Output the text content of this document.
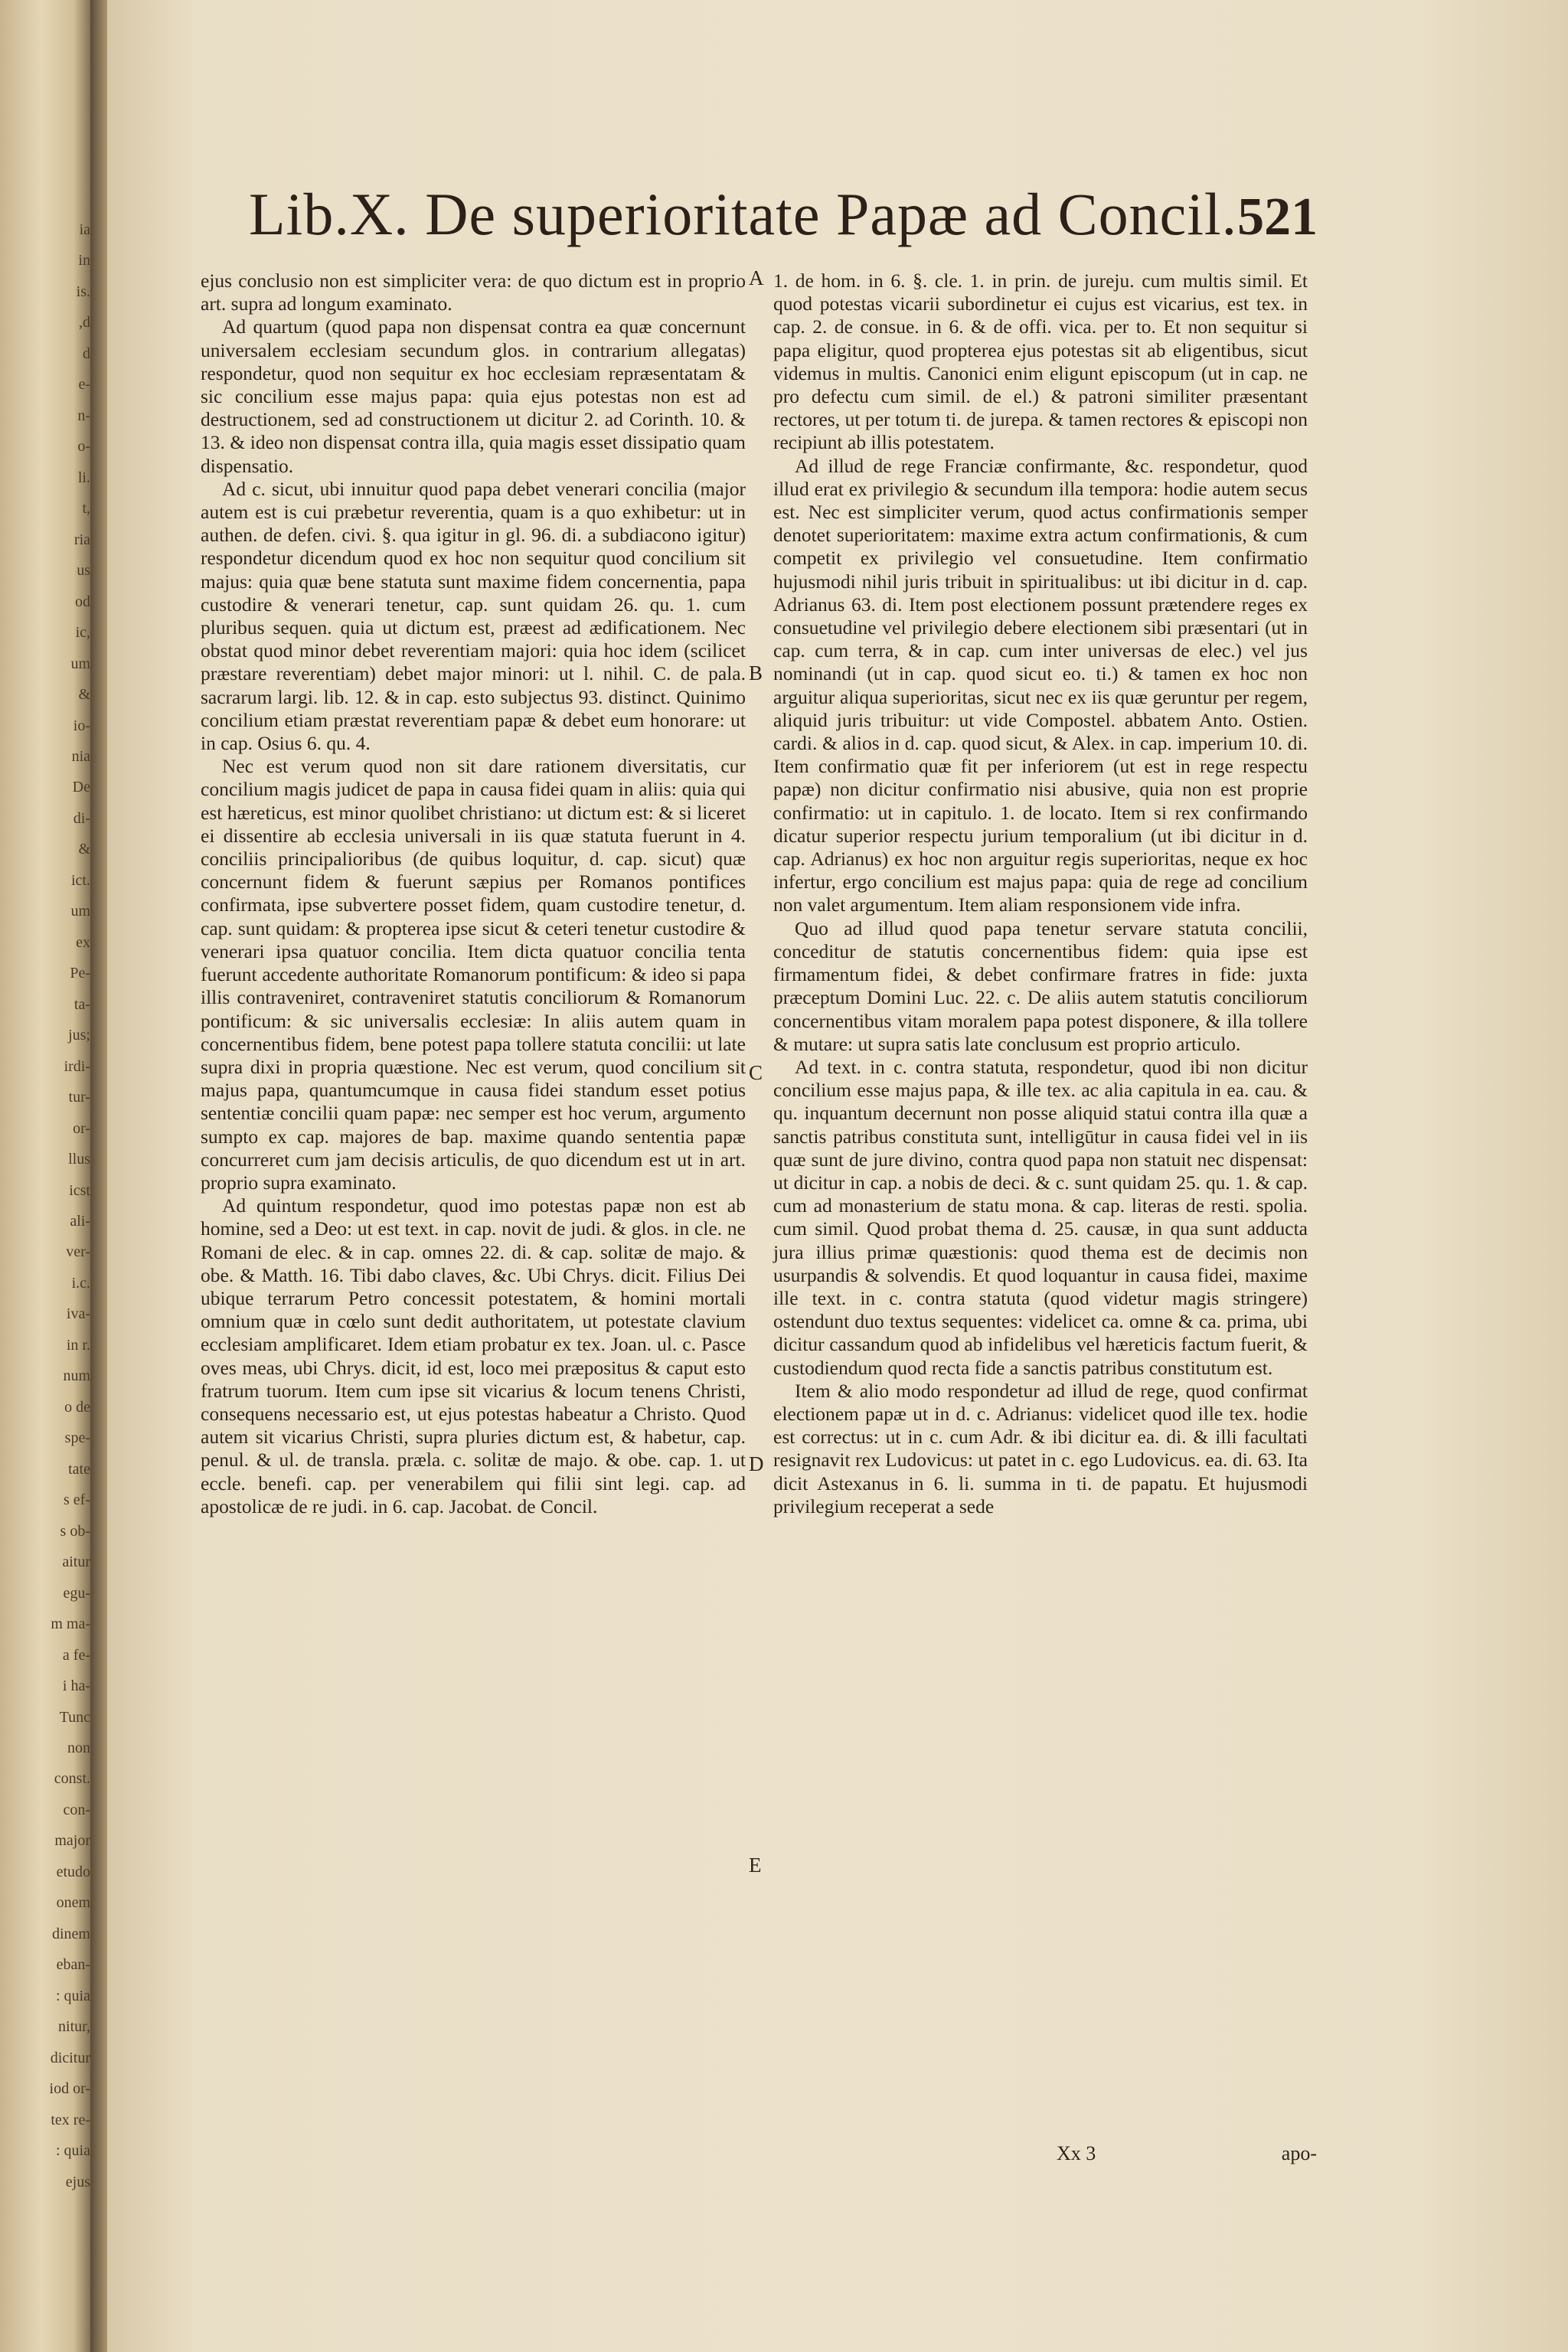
ia
in
is.
,d
d
e-
n-
o-
li.
t,
ria
us
od
ic,
um
&
io-
nia
De
di-
&
ict.
um
ex
Pe-
ta-
jus;
irdi-
tur-
or-
llus
icst
ali-
ver-
i.c.
iva-
in r.
num
o de
spe-
tate
s ef-
s ob-
aitur
egu-
m ma-
a fe-
i ha-
Tunc
non
const.
con-
major
etudo
onem
dinem
eban-
: quia
nitur,
dicitur
iod or-
tex re-
: quia
ejus
Lib.X. De superioritate Papæ ad Concil. 521

ejus conclusio non est simpliciter vera: de quo dictum est in proprio art. supra ad longum examinato.

Ad quartum (quod papa non dispensat contra ea quæ concernunt universalem ecclesiam secundum glos. in contrarium allegatas) respondetur, quod non sequitur ex hoc ecclesiam repræsentatam & sic concilium esse majus papa: quia ejus potestas non est ad destructionem, sed ad constructionem ut dicitur 2. ad Corinth. 10. & 13. & ideo non dispensat contra illa, quia magis esset dissipatio quam dispensatio.

Ad c. sicut, ubi innuitur quod papa debet venerari concilia (major autem est is cui præbetur reverentia, quam is a quo exhibetur: ut in authen. de defen. civi. §. qua igitur in gl. 96. di. a subdiacono igitur) respondetur dicendum quod ex hoc non sequitur quod concilium sit majus: quia quæ bene statuta sunt maxime fidem concernentia, papa custodire & venerari tenetur, cap. sunt quidam 26. qu. 1. cum pluribus sequen. quia ut dictum est, præest ad ædificationem. Nec obstat quod minor debet reverentiam majori: quia hoc idem (scilicet præstare reverentiam) debet major minori: ut l. nihil. C. de pala. sacrarum largi. lib. 12. & in cap. esto subjectus 93. distinct. Quinimo concilium etiam præstat reverentiam papæ & debet eum honorare: ut in cap. Osius 6. qu. 4.

Nec est verum quod non sit dare rationem diversitatis, cur concilium magis judicet de papa in causa fidei quam in aliis: quia qui est hæreticus, est minor quolibet christiano: ut dictum est: & si liceret ei dissentire ab ecclesia universali in iis quæ statuta fuerunt in 4. conciliis principalioribus (de quibus loquitur, d. cap. sicut) quæ concernunt fidem & fuerunt sæpius per Romanos pontifices confirmata, ipse subvertere posset fidem, quam custodire tenetur, d. cap. sunt quidam: & propterea ipse sicut & ceteri tenetur custodire & venerari ipsa quatuor concilia. Item dicta quatuor concilia tenta fuerunt accedente authoritate Romanorum pontificum: & ideo si papa illis contraveniret, contraveniret statutis conciliorum & Romanorum pontificum: & sic universalis ecclesiæ: In aliis autem quam in concernentibus fidem, bene potest papa tollere statuta concilii: ut late supra dixi in propria quæstione. Nec est verum, quod concilium sit majus papa, quantumcumque in causa fidei standum esset potius sententiæ concilii quam papæ: nec semper est hoc verum, argumento sumpto ex cap. majores de bap. maxime quando sententia papæ concurreret cum jam decisis articulis, de quo dicendum est ut in art. proprio supra examinato.

Ad quintum respondetur, quod imo potestas papæ non est ab homine, sed a Deo: ut est text. in cap. novit de judi. & glos. in cle. ne Romani de elec. & in cap. omnes 22. di. & cap. solitæ de majo. & obe. & Matth. 16. Tibi dabo claves, &c. Ubi Chrys. dicit. Filius Dei ubique terrarum Petro concessit potestatem, & homini mortali omnium quæ in cœlo sunt dedit authoritatem, ut potestate clavium ecclesiam amplificaret. Idem etiam probatur ex tex. Joan. ul. c. Pasce oves meas, ubi Chrys. dicit, id est, loco mei præpositus & caput esto fratrum tuorum. Item cum ipse sit vicarius & locum tenens Christi, consequens necessario est, ut ejus potestas habeatur a Christo. Quod autem sit vicarius Christi, supra pluries dictum est, & habetur, cap. penul. & ul. de transla. præla. c. solitæ de majo. & obe. cap. 1. ut eccle. benefi. cap. per venerabilem qui filii sint legi. cap. ad apostolicæ de re judi. in 6. cap. Jacobat. de Concil.

1. de hom. in 6. §. cle. 1. in prin. de jureju. cum multis simil. Et quod potestas vicarii subordinetur ei cujus est vicarius, est tex. in cap. 2. de consue. in 6. & de offi. vica. per to. Et non sequitur si papa eligitur, quod propterea ejus potestas sit ab eligentibus, sicut videmus in multis. Canonici enim eligunt episcopum (ut in cap. ne pro defectu cum simil. de el.) & patroni similiter præsentant rectores, ut per totum ti. de jurepa. & tamen rectores & episcopi non recipiunt ab illis potestatem.

Ad illud de rege Franciæ confirmante, &c. respondetur, quod illud erat ex privilegio & secundum illa tempora: hodie autem secus est. Nec est simpliciter verum, quod actus confirmationis semper denotet superioritatem: maxime extra actum confirmationis, & cum competit ex privilegio vel consuetudine. Item confirmatio hujusmodi nihil juris tribuit in spiritualibus: ut ibi dicitur in d. cap. Adrianus 63. di. Item post electionem possunt prætendere reges ex consuetudine vel privilegio debere electionem sibi præsentari (ut in cap. cum terra, & in cap. cum inter universas de elec.) vel jus nominandi (ut in cap. quod sicut eo. ti.) & tamen ex hoc non arguitur aliqua superioritas, sicut nec ex iis quæ geruntur per regem, aliquid juris tribuitur: ut vide Compostel. abbatem Anto. Ostien. cardi. & alios in d. cap. quod sicut, & Alex. in cap. imperium 10. di. Item confirmatio quæ fit per inferiorem (ut est in rege respectu papæ) non dicitur confirmatio nisi abusive, quia non est proprie confirmatio: ut in capitulo. 1. de locato. Item si rex confirmando dicatur superior respectu jurium temporalium (ut ibi dicitur in d. cap. Adrianus) ex hoc non arguitur regis superioritas, neque ex hoc infertur, ergo concilium est majus papa: quia de rege ad concilium non valet argumentum. Item aliam responsionem vide infra.

Quo ad illud quod papa tenetur servare statuta concilii, conceditur de statutis concernentibus fidem: quia ipse est firmamentum fidei, & debet confirmare fratres in fide: juxta præceptum Domini Luc. 22. c. De aliis autem statutis conciliorum concernentibus vitam moralem papa potest disponere, & illa tollere & mutare: ut supra satis late conclusum est proprio articulo.

Ad text. in c. contra statuta, respondetur, quod ibi non dicitur concilium esse majus papa, & ille tex. ac alia capitula in ea. cau. & qu. inquantum decernunt non posse aliquid statui contra illa quæ a sanctis patribus constituta sunt, intelligūtur in causa fidei vel in iis quæ sunt de jure divino, contra quod papa non statuit nec dispensat: ut dicitur in cap. a nobis de deci. & c. sunt quidam 25. qu. 1. & cap. cum ad monasterium de statu mona. & cap. literas de resti. spolia. cum simil. Quod probat thema d. 25. causæ, in qua sunt adducta jura illius primæ quæstionis: quod thema est de decimis non usurpandis & solvendis. Et quod loquantur in causa fidei, maxime ille text. in c. contra statuta (quod videtur magis stringere) ostendunt duo textus sequentes: videlicet ca. omne & ca. prima, ubi dicitur cassandum quod ab infidelibus vel hæreticis factum fuerit, & custodiendum quod recta fide a sanctis patribus constitutum est.

Item & alio modo respondetur ad illud de rege, quod confirmat electionem papæ ut in d. c. Adrianus: videlicet quod ille tex. hodie est correctus: ut in c. cum Adr. & ibi dicitur ea. di. & illi facultati resignavit rex Ludovicus: ut patet in c. ego Ludovicus. ea. di. 63. Ita dicit Astexanus in 6. li. summa in ti. de papatu. Et hujusmodi privilegium receperat a sede

A
B
C
D
E
Xx 3	apo-
